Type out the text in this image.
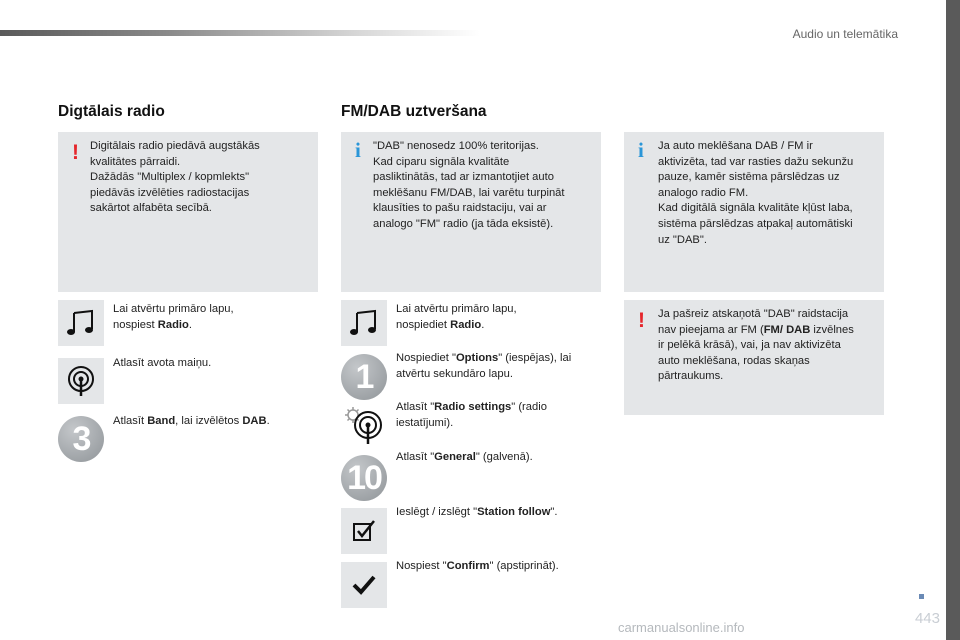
Audio un telemātika
Digtālais radio
! Digitālais radio piedāvā augstākās
kvalitātes pārraidi.
Dažādās "Multiplex / kopmlekts"
piedāvās izvēlēties radiostacijas
sakārtot alfabēta secībā.
Lai atvērtu primāro lapu,
nospiest Radio.
Atlasīt avota maiņu.
3	Atlasīt Band, lai izvēlētos DAB.
FM/DAB uztveršana
i "DAB" nenosedz 100% teritorijas.
Kad ciparu signāla kvalitāte
pasliktinātās, tad ar izmantotjiet auto
meklēšanu FM/DAB, lai varētu turpināt
klausīties to pašu raidstaciju, vai ar
analogo "FM" radio (ja tāda eksistē).
Lai atvērtu primāro lapu,
nospiediet Radio.
1	Nospiediet "Options" (iespējas), lai
atvērtu sekundāro lapu.
Atlasīt "Radio settings" (radio
iestatījumi).
10
Atlasīt "General" (galvenā).
Ieslēgt / izslēgt "Station follow".
Nospiest "Confirm" (apstiprināt).
i Ja auto meklēšana DAB / FM ir
aktivizēta, tad var rasties dažu sekunžu
pauze, kamēr sistēma pārslēdzas uz
analogo radio FM.
Kad digitālā signāla kvalitāte kļūst laba,
sistēma pārslēdzas atpakaļ automātiski
uz "DAB".
! Ja pašreiz atskaņotā "DAB" raidstacija
nav pieejama ar FM (FM/ DAB izvēlnes
ir pelēkā krāsā), vai, ja nav aktivizēta
auto meklēšana, rodas skaņas
pārtraukums.
443
carmanualsonline.info
